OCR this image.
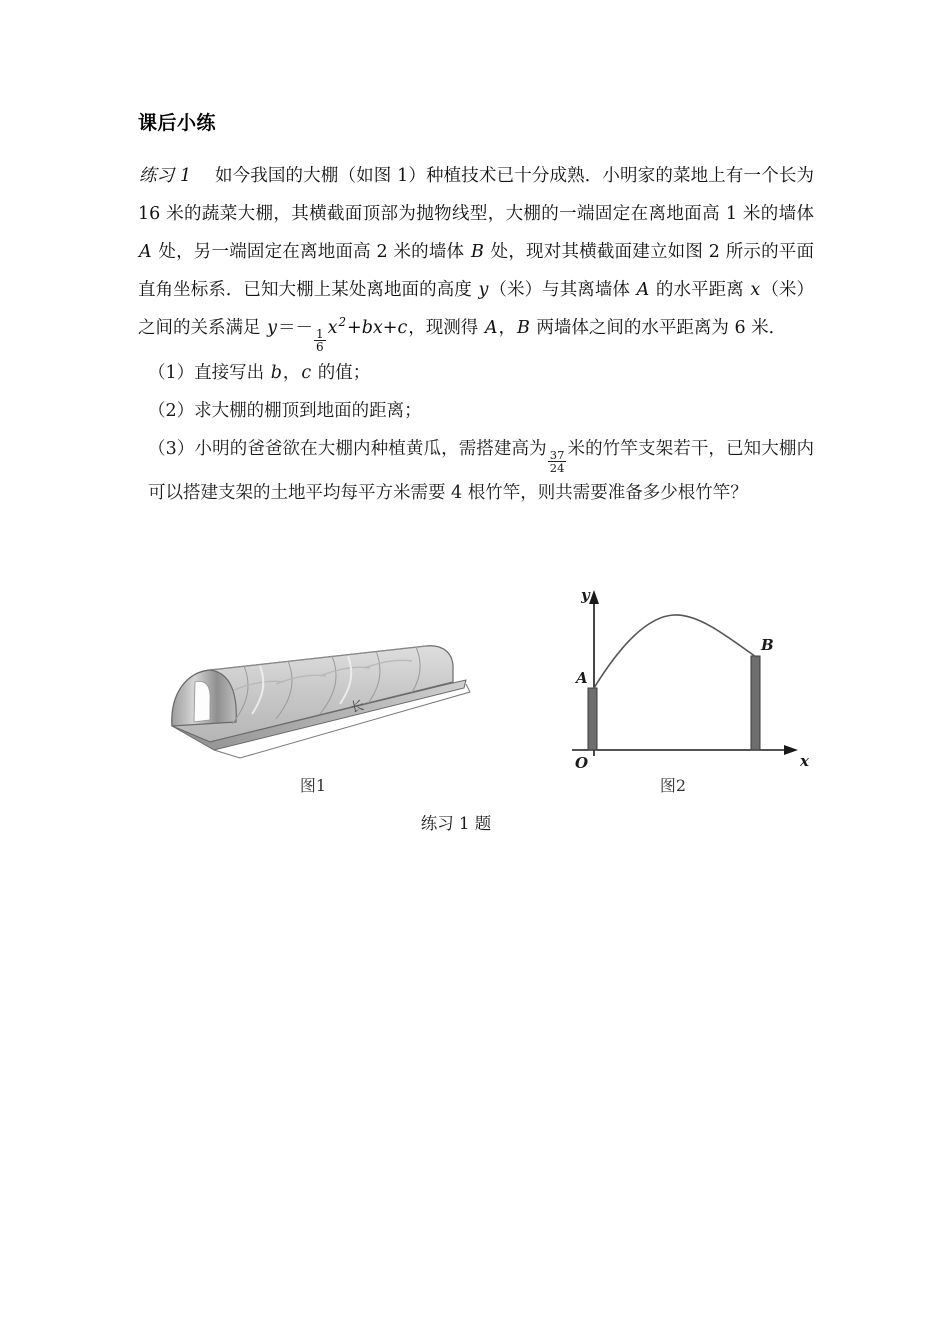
课后小练

练习 1 如今我国的大棚（如图 1）种植技术已十分成熟．小明家的菜地上有一个长为 16 米的蔬菜大棚，其横截面顶部为抛物线型，大棚的一端固定在离地面高 1 米的墙体 A 处，另一端固定在离地面高 2 米的墙体 B 处，现对其横截面建立如图 2 所示的平面直角坐标系．已知大棚上某处离地面的高度 y（米）与其离墙体 A 的水平距离 x（米）之间的关系满足 y＝－
$\frac{1}{6}$
$x^2+bx+c$，现测得 A，B 两墙体之间的水平距离为 6 米．

（1）直接写出 b，c 的值；

（2）求大棚的棚顶到地面的距离；

（3）小明的爸爸欲在大棚内种植黄瓜，需搭建高为 $\frac{37}{24}$ 米的竹竿支架若干，已知大棚内可以搭建支架的土地平均每平方米需要 4 根竹竿，则共需要准备多少根竹竿？

长
图1
A
B
O
y
x
图2
练习 1 题
